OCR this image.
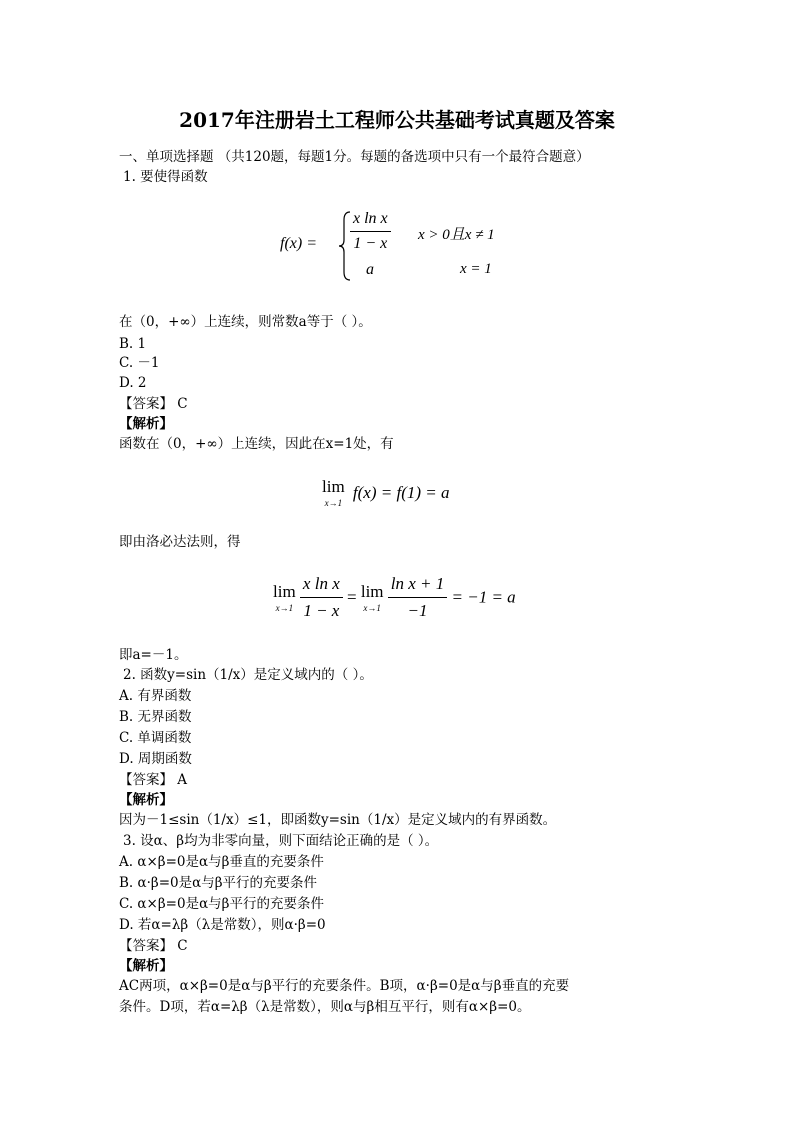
2017年注册岩土工程师公共基础考试真题及答案
一、单项选择题 （共120题，每题1分。每题的备选项中只有一个最符合题意）
1. 要使得函数
$f(x) = \frac{\text{x ln x}}{1 - x}$ x > 0且x ≠ 1
a	x = 1
在（0，+∞）上连续，则常数a等于（ ）。
B. 1
C. －1
D. 2
【答案】 C
【解析】
函数在（0，+∞）上连续，因此在x=1处，有
lim
x→1
f(x) = f(1) = a
即由洛必达法则，得
lim
x→1
$\frac{\text{x ln x}}{1 - x} = \lim$
x→1
$\frac{\text{ln x + 1}}{-1} = -1 = a$
即a=－1。
2. 函数y=sin（1/x）是定义域内的（ ）。
A. 有界函数
B. 无界函数
C. 单调函数
D. 周期函数
【答案】 A
【解析】
因为－1≤sin（1/x）≤1，即函数y=sin（1/x）是定义域内的有界函数。
3. 设α、β均为非零向量，则下面结论正确的是（ ）。
A. α×β=0是α与β垂直的充要条件
B. α·β=0是α与β平行的充要条件
C. α×β=0是α与β平行的充要条件
D. 若α=λβ（λ是常数），则α·β=0
【答案】 C
【解析】
AC两项，α×β=0是α与β平行的充要条件。B项，α·β=0是α与β垂直的充要
条件。D项，若α=λβ（λ是常数），则α与β相互平行，则有α×β=0。
